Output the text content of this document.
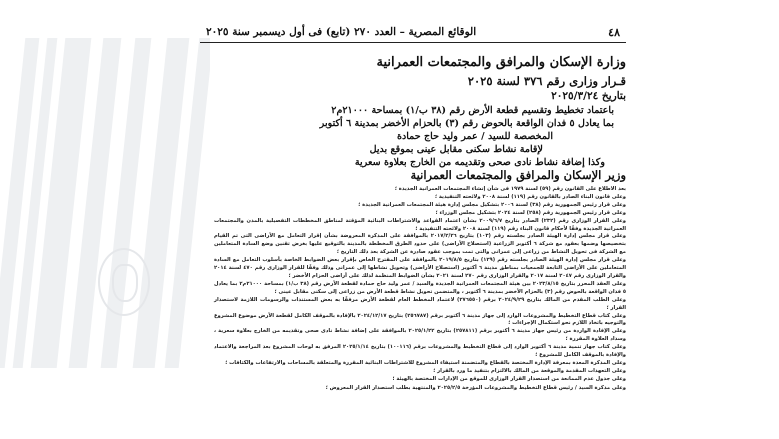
٤٨
الوقائع المصرية – العدد ٢٧٠ (تابع) فى أول ديسمبر سنة ٢٠٢٥
وزارة الإسكان والمرافق والمجتمعات العمرانية
قـرار وزارى رقم ٣٧٦ لسنة ٢٠٢٥
بتاريخ ٢٠٢٥/٣/٢٤
باعتماد تخطيط وتقسيم قطعة الأرض رقم (٣٨ ب/١) بمساحة ٢١٠٠٠م٢
بما يعادل ٥ فدان الواقعة بالحوض رقم (٣) بالحزام الأخضر بمدينة ٦ أكتوبر
المخصصة للسيد / عمر وليد حاج حمادة
لإقامة نشاط سكنى مقابل عينى بموقع بديل
وكذا إضافة نشاط نادى صحى وتقديمه من الخارج بعلاوة سعرية
وزير الإسكان والمرافق والمجتمعات العمرانية

بعد الاطلاع على القانون رقم (٥٩) لسنة ١٩٧٩ فى شأن إنشاء المجتمعات العمرانية الجديدة ؛

وعلى قانون البناء الصادر بالقانون رقم (١١٩) لسنة ٢٠٠٨ ولائحته التنفيذية ؛

وعلى قرار رئيس الجمهورية رقم (٣٨) لسنة ٢٠٠٦ بتشكيل مجلس إدارة هيئة المجتمعات العمرانية الجديدة ؛

وعلى قرار رئيس الجمهورية رقم (٢٥٨) لسنة ٢٠٢٤ بتشكيل مجلس الوزراء ؛

وعلى القرار الوزارى رقم (٢٣٢) الصادر بتاريخ ٢٠٠٩/٦/٧ بشأن اعتماد القواعد والاشتراطات البنائية المؤقتة لمناطق المخططات التفصيلية بالمدن والمجتمعات العمرانية الجديدة وفقًا لأحكام قانون البناء رقم (١١٩) لسنة ٢٠٠٨ ولائحته التنفيذية ؛

وعلى قرار مجلس إدارة الهيئة الصادر بجلسته رقم (١٠٣) بتاريخ ٢٠١٧/٢/٢٦ بالموافقة على المذكرة المعروضة بشأن إقرار التعامل مع الأراضى التى تم القيام بتخصيصها وضمها بعقود مع شركة ٦ أكتوبر الزراعية (استصلاح الأراضى) على حدود الطرق المخططة بالمدينة بالتوقيع عليها بغرض تقنين وضع السادة المتعاملين مع الشركة فى تحويل النشاط من زراعى إلى عمرانى والتى تمت بموجب عقود صادرة عن الشركة بعد ذلك التاريخ ؛

وعلى قرار مجلس إدارة الهيئة الصادر بجلسته رقم (١٢٩) بتاريخ ٢٠١٩/٨/٥ بالموافقة على المقترح الخاص بإقرار بعض الضوابط الخاصة بأسلوب التعامل مع السادة المتعاملين على الأراضى التابعة للجمعيات بمناطق مدينة ٦ أكتوبر (استصلاح الأراضى) وتحويل نشاطها إلى عمرانى وذلك وفقًا للقرار الوزارى رقم ٤٧٠ لسنة ٢٠١٤ والقرار الوزارى رقم ٢٠٤٧ لسنة ٢٠١٧ والقرار الوزارى رقم ٢٧٠ لسنة ٢٠٢١ بشأن الضوابط المنظمة لذلك على أراضى الحزام الأخضر ؛

وعلى العقد المحرر بتاريخ ٢٠٢٣/٨/١٥ بين هيئة المجتمعات العمرانية الجديدة والسيد / عمر وليد حاج حمادة لقطعة الأرض رقم (٣٨ ب/١) بمساحة ٢١٠٠٠م٢ بما يعادل ٥ فدان الواقعة بالحوض رقم (٣) بالحزام الأخضر بمدينة ٦ أكتوبر ، والمتضمن تحويل نشاط قطعة الأرض من زراعى إلى سكنى مقابل عينى ؛

وعلى الطلب المقدم من المالك بتاريخ ٢٠٢٤/٩/٢٩ برقم (٢٧٦٥٥٠) لاعتماد المخطط العام لقطعة الأرض مرفقًا به بعض المستندات والرسومات اللازمة لاستصدار القرار ؛

وعلى كتاب قطاع التخطيط والمشروعات الوارد إلى جهاز مدينة ٦ أكتوبر برقم (٢٥٦٧٨٧) بتاريخ ٢٠٢٤/١٢/١٧ بالإفادة بالموقف الكامل لقطعة الأرض موضوع المشروع والتوجيه باتخاذ اللازم نحو استكمال الإجراءات ؛

وعلى الإفادة الواردة من رئيس جهاز مدينة ٦ أكتوبر برقم (٢٥٧٨١١) بتاريخ ٢٠٢٥/١/٢٢ بالموافقة على إضافة نشاط نادى صحى وتقديمه من الخارج بعلاوة سعرية ، وسداد العلاوة المقررة ؛

وعلى كتاب جهاز تنمية مدينة ٦ أكتوبر الوارد إلى قطاع التخطيط والمشروعات برقم (١٠٠١١٦) بتاريخ ٢٠٢٥/١/١٤ المرفق به لوحات المشروع بعد المراجعة والاعتماد والإفادة بالموقف الكامل للمشروع ؛

وعلى المذكرة المعدة بمعرفة الإدارة المختصة بالقطاع والمتضمنة استيفاء المشروع للاشتراطات البنائية المقررة والمتعلقة بالمساحات والارتفاعات والكثافات ؛

وعلى التعهدات المقدمة والموقعة من المالك بالالتزام بتنفيذ ما ورد بالقرار ؛

وعلى جدول عدم الممانعة من استصدار القرار الوزارى للموقع من الإدارات المختصة بالهيئة ؛

وعلى مذكرة السيد / رئيس قطاع التخطيط والمشروعات المؤرخة ٢٠٢٥/٢/٥ والمنتهية بطلب استصدار القرار المعروض ؛
